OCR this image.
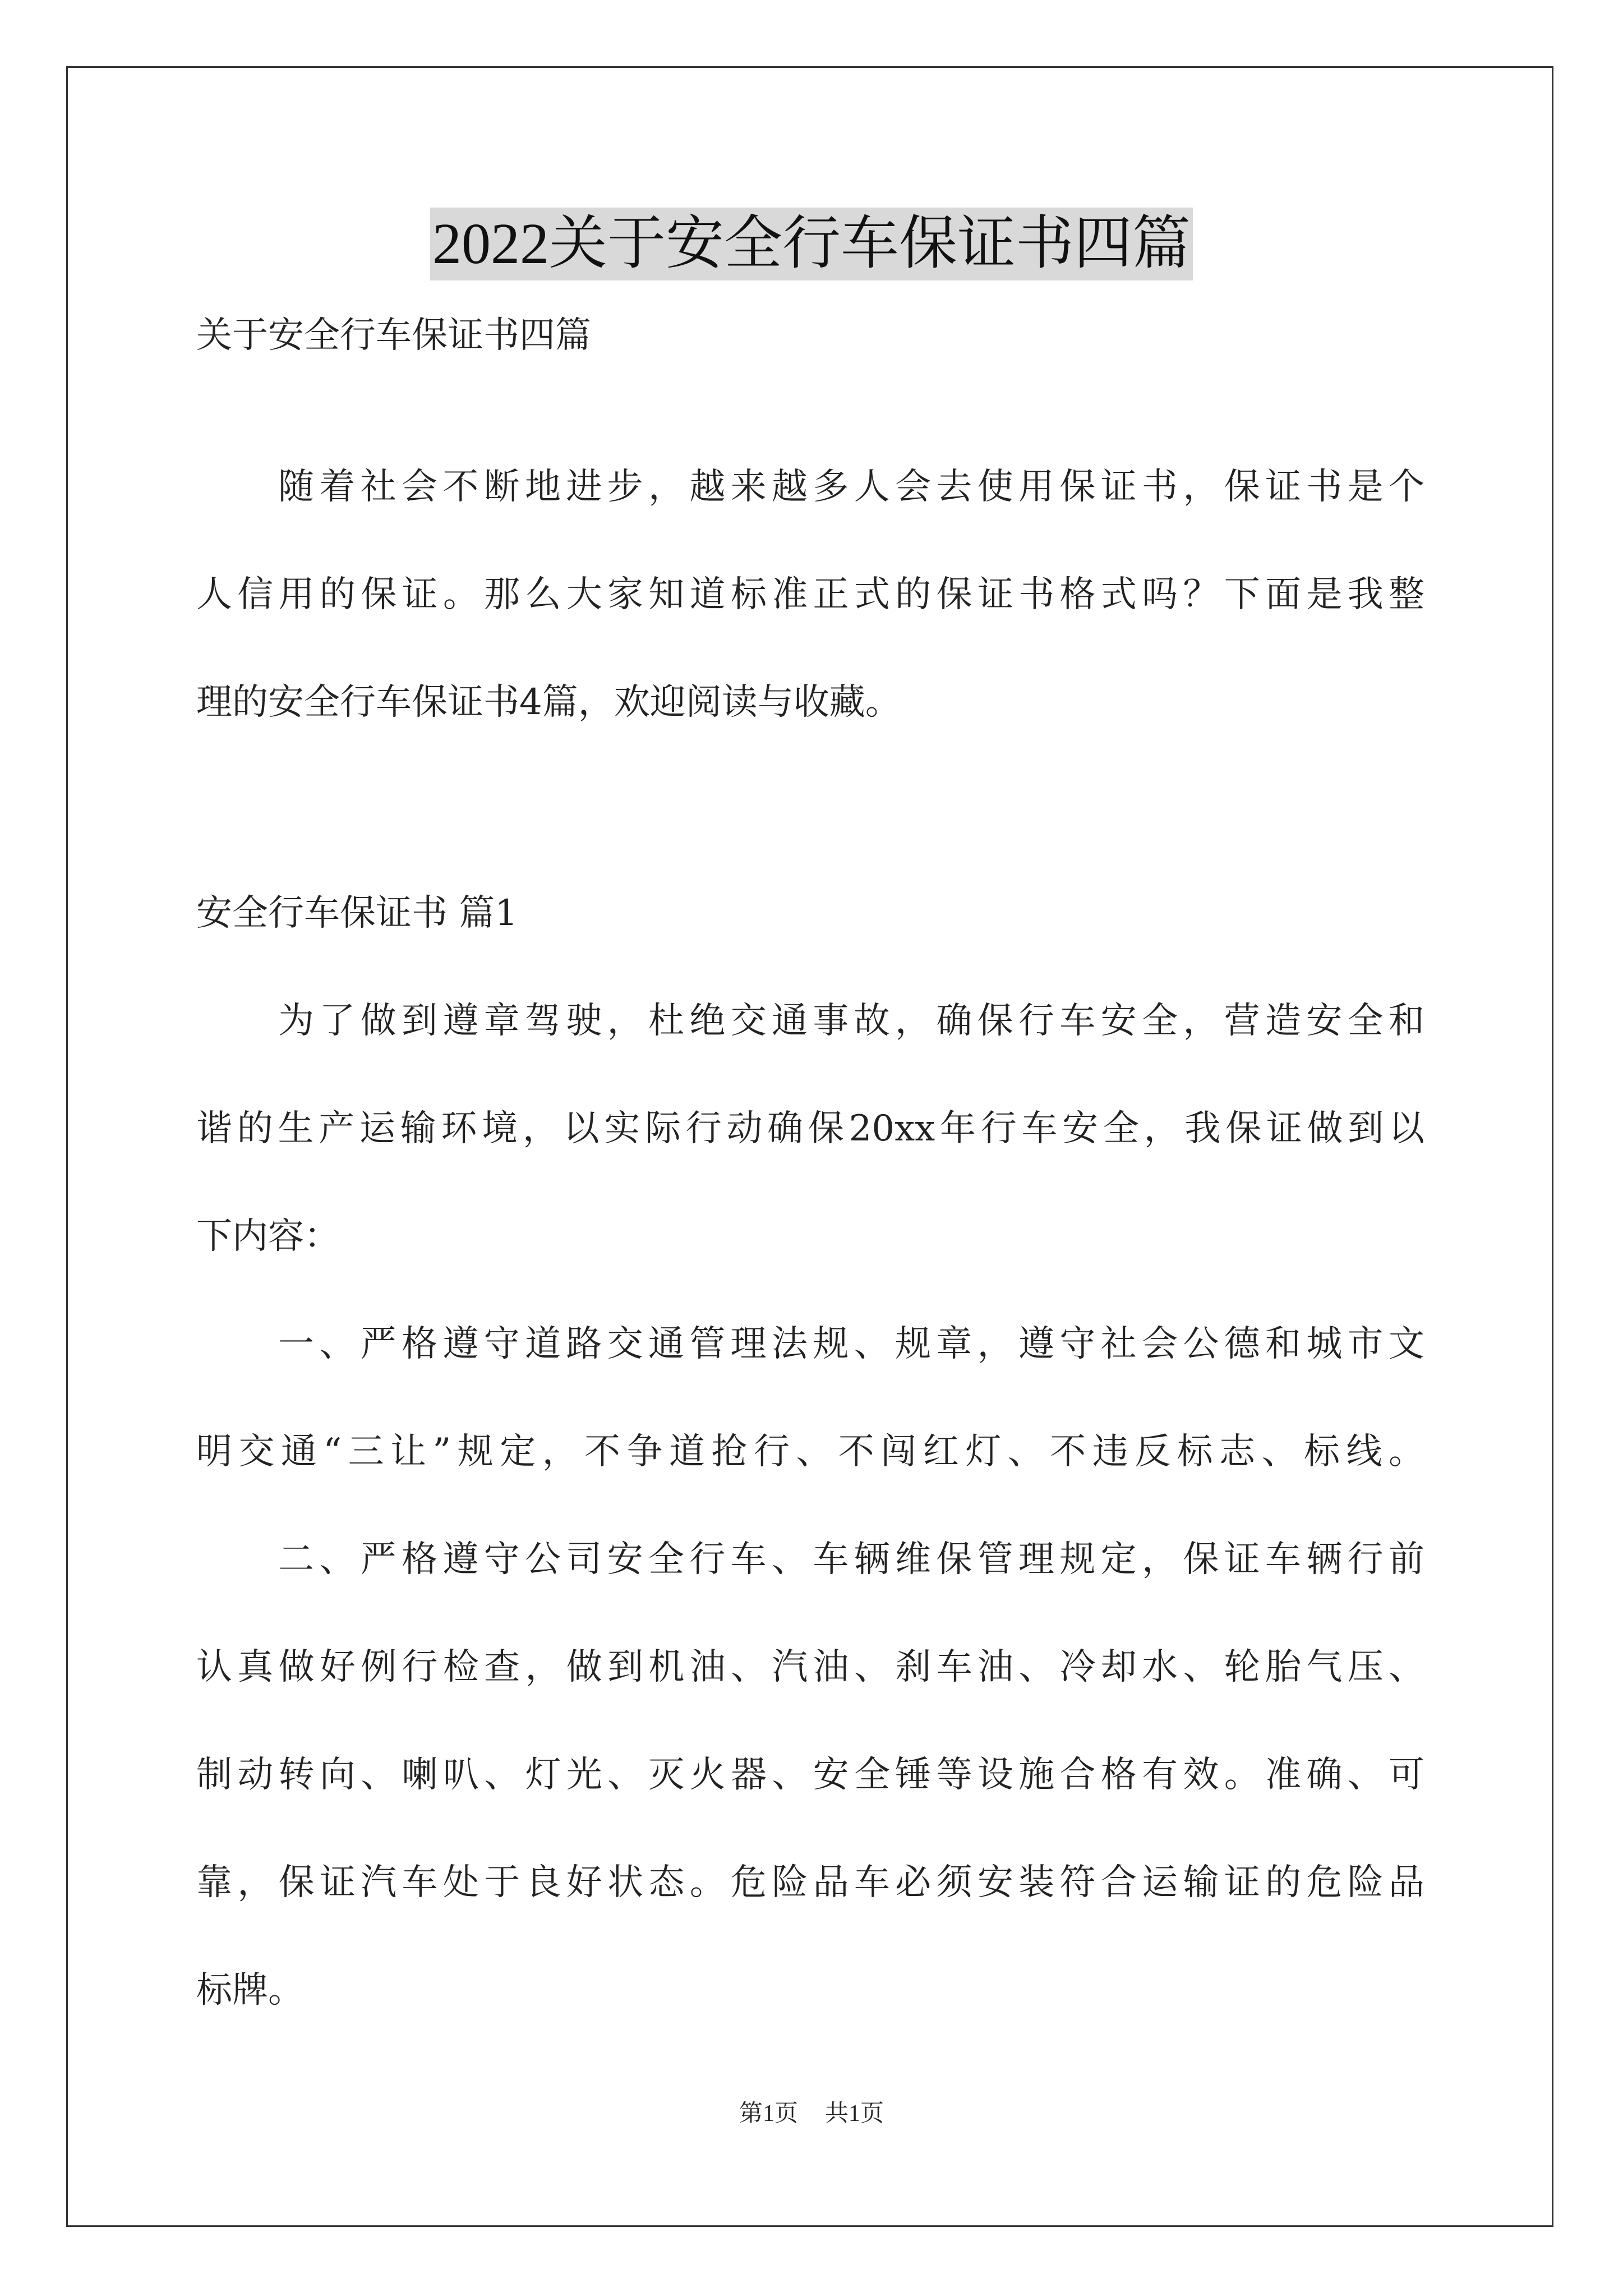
2022关于安全行车保证书四篇

关于安全行车保证书四篇

随着社会不断地进步，越来越多人会去使用保证书，保证书是个

人信用的保证。那么大家知道标准正式的保证书格式吗？下面是我整

理的安全行车保证书4篇，欢迎阅读与收藏。

安全行车保证书 篇1

为了做到遵章驾驶，杜绝交通事故，确保行车安全，营造安全和

谐的生产运输环境，以实际行动确保20xx年行车安全，我保证做到以

下内容：

一、严格遵守道路交通管理法规、规章，遵守社会公德和城市文

明交通“三让”规定，不争道抢行、不闯红灯、不违反标志、标线。

二、严格遵守公司安全行车、车辆维保管理规定，保证车辆行前

认真做好例行检查，做到机油、汽油、刹车油、冷却水、轮胎气压、

制动转向、喇叭、灯光、灭火器、安全锤等设施合格有效。准确、可

靠，保证汽车处于良好状态。危险品车必须安装符合运输证的危险品

标牌。

第1页 共1页
